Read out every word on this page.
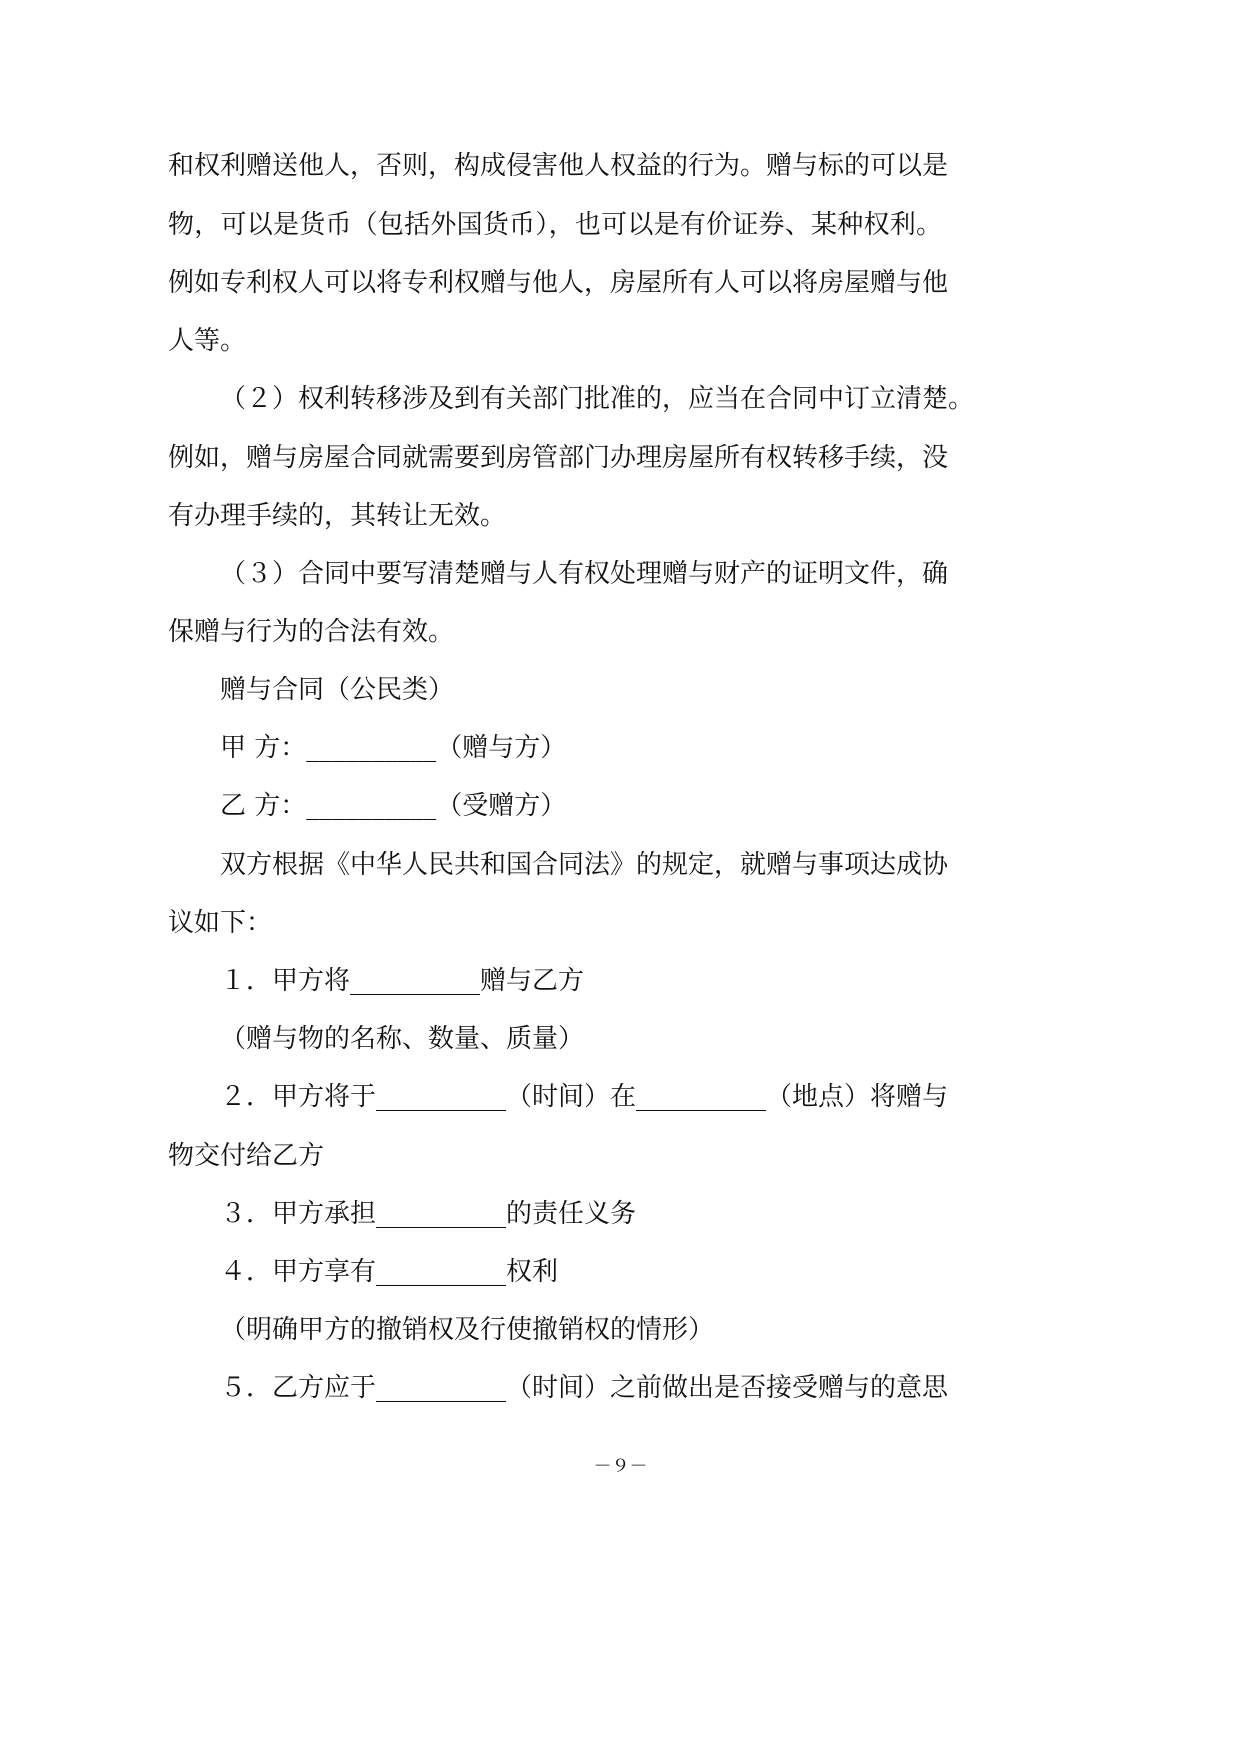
和权利赠送他人，否则，构成侵害他人权益的行为。赠与标的可以是
物，可以是货币（包括外国货币），也可以是有价证券、某种权利。
例如专利权人可以将专利权赠与他人，房屋所有人可以将房屋赠与他
人等。
（２）权利转移涉及到有关部门批准的，应当在合同中订立清楚。
例如，赠与房屋合同就需要到房管部门办理房屋所有权转移手续，没
有办理手续的，其转让无效。
（３）合同中要写清楚赠与人有权处理赠与财产的证明文件，确
保赠与行为的合法有效。
赠与合同（公民类）
甲 方：__________（赠与方）
乙 方：__________（受赠方）
双方根据《中华人民共和国合同法》的规定，就赠与事项达成协
议如下：
１．甲方将__________赠与乙方
（赠与物的名称、数量、质量）
２．甲方将于__________（时间）在__________（地点）将赠与
物交付给乙方
３．甲方承担__________的责任义务
４．甲方享有__________权利
（明确甲方的撤销权及行使撤销权的情形）
５．乙方应于__________（时间）之前做出是否接受赠与的意思
－９－
